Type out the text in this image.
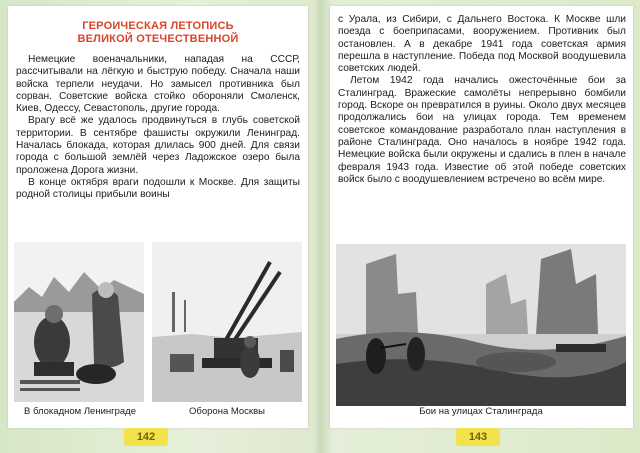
ГЕРОИЧЕСКАЯ ЛЕТОПИСЬ
ВЕЛИКОЙ ОТЕЧЕСТВЕННОЙ

Немецкие военачальники, нападая на СССР, рассчитывали на лёгкую и быструю победу. Сначала наши войска терпели неудачи. Но замысел противника был сорван. Советские войска стойко обороняли Смоленск, Киев, Одессу, Севастополь, другие города.

Врагу всё же удалось продвинуться в глубь советской территории. В сентябре фашисты окружили Ленинград. Началась блокада, которая длилась 900 дней. Для связи города с большой землёй через Ладожское озеро была проложена Дорога жизни.

В конце октября враги подошли к Москве. Для защиты родной столицы прибыли воины

В блокадном Ленинграде	Оборона Москвы

с Урала, из Сибири, с Дальнего Востока. К Москве шли поезда с боеприпасами, вооружением. Противник был остановлен. А в декабре 1941 года советская армия перешла в наступление. Победа под Москвой воодушевила советских людей.

Летом 1942 года начались ожесточённые бои за Сталинград. Вражеские самолёты непрерывно бомбили город. Вскоре он превратился в руины. Около двух месяцев продолжались бои на улицах города. Тем временем советское командование разработало план наступления в районе Сталинграда. Оно началось в ноябре 1942 года. Немецкие войска были окружены и сдались в плен в начале февраля 1943 года. Известие об этой победе советских войск было с воодушевлением встречено во всём мире.

Бои на улицах Сталинграда
142	143
